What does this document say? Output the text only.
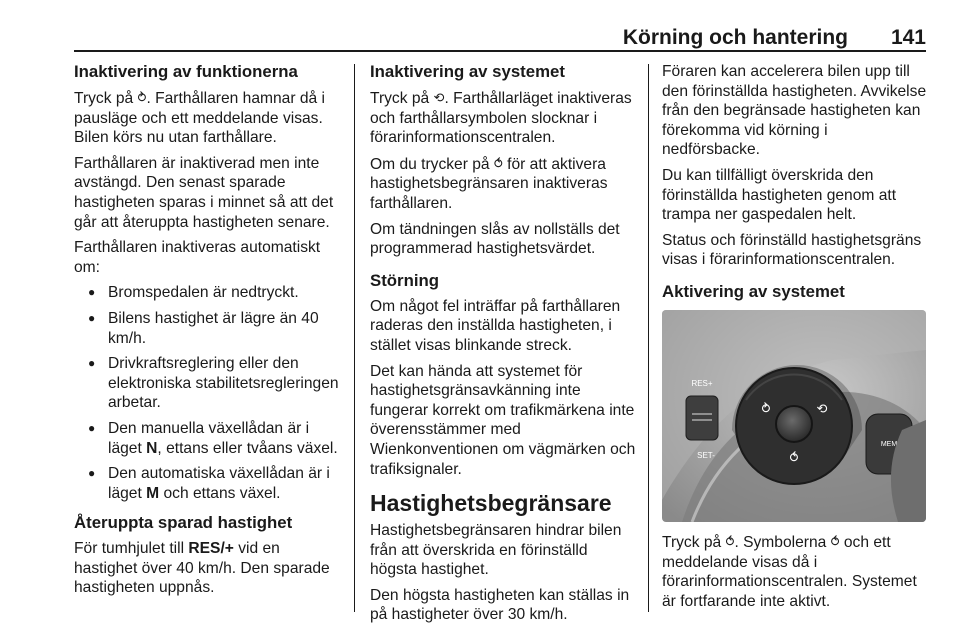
Körning och hantering 141
Inaktivering av funktionerna

Tryck på ⥁. Farthållaren hamnar då i pausläge och ett meddelande visas. Bilen körs nu utan farthållare.

Farthållaren är inaktiverad men inte avstängd. Den senast sparade hastigheten sparas i minnet så att det går att återuppta hastigheten senare.

Farthållaren inaktiveras automatiskt om:

● Bromspedalen är nedtryckt.
● Bilens hastighet är lägre än 40 km/h.
● Drivkraftsreglering eller den elektroniska stabilitetsregleringen arbetar.
● Den manuella växellådan är i läget N, ettans eller tvåans växel.
● Den automatiska växellådan är i läget M och ettans växel.
Återuppta sparad hastighet

För tumhjulet till RES/+ vid en hastighet över 40 km/h. Den sparade hastigheten uppnås.

Inaktivering av systemet

Tryck på ⟲. Farthållarläget inaktiveras och farthållarsymbolen slocknar i förarinformationscentralen.

Om du trycker på ⥀ för att aktivera hastighetsbegränsaren inaktiveras farthållaren.

Om tändningen slås av nollställs det programmerad hastighetsvärdet.

Störning

Om något fel inträffar på farthållaren raderas den inställda hastigheten, i stället visas blinkande streck.

Det kan hända att systemet för hastighetsgränsavkänning inte fungerar korrekt om trafikmärkena inte överensstämmer med Wienkonventionen om vägmärken och trafiksignaler.

Hastighetsbegränsare

Hastighetsbegränsaren hindrar bilen från att överskrida en förinställd högsta hastighet.

Den högsta hastigheten kan ställas in på hastigheter över 30 km/h.

Föraren kan accelerera bilen upp till den förinställda hastigheten. Avvikelse från den begränsade hastigheten kan förekomma vid körning i nedförsbacke.

Du kan tillfälligt överskrida den förinställda hastigheten genom att trampa ner gaspedalen helt.

Status och förinställd hastighetsgräns visas i förarinformationscentralen.

Aktivering av systemet
RES+
SET-
⥁	⟲
⥀
MEM

Tryck på ⥀. Symbolerna ⥀ och ett meddelande visas då i förarinformationscentralen. Systemet är fortfarande inte aktivt.
